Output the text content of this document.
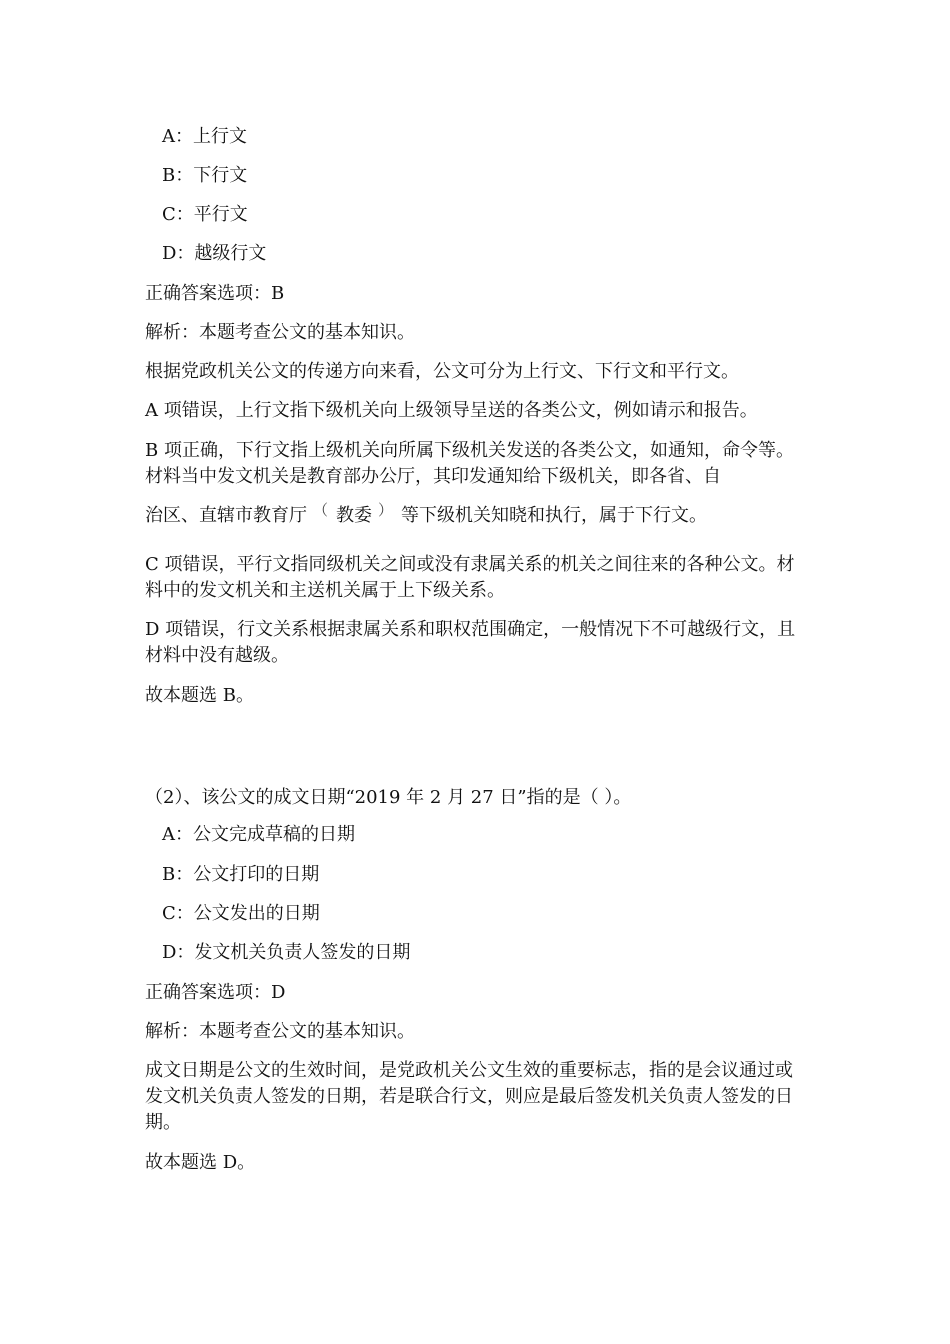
A：上行文
B：下行文
C：平行文
D：越级行文
正确答案选项：B
解析：本题考查公文的基本知识。
根据党政机关公文的传递方向来看，公文可分为上行文、下行文和平行文。
A 项错误，上行文指下级机关向上级领导呈送的各类公文，例如请示和报告。
B 项正确，下行文指上级机关向所属下级机关发送的各类公文，如通知，命令等。材料当中发文机关是教育部办公厅，其印发通知给下级机关，即各省、自
治区、直辖市教育厅 （ 教委 ） 等下级机关知晓和执行，属于下行文。
C 项错误，平行文指同级机关之间或没有隶属关系的机关之间往来的各种公文。材料中的发文机关和主送机关属于上下级关系。
D 项错误，行文关系根据隶属关系和职权范围确定，一般情况下不可越级行文，且材料中没有越级。
故本题选 B。
（2）、该公文的成文日期“2019 年 2 月 27 日”指的是（ ）。
A：公文完成草稿的日期
B：公文打印的日期
C：公文发出的日期
D：发文机关负责人签发的日期
正确答案选项：D
解析：本题考查公文的基本知识。
成文日期是公文的生效时间，是党政机关公文生效的重要标志，指的是会议通过或发文机关负责人签发的日期，若是联合行文，则应是最后签发机关负责人签发的日期。
故本题选 D。
